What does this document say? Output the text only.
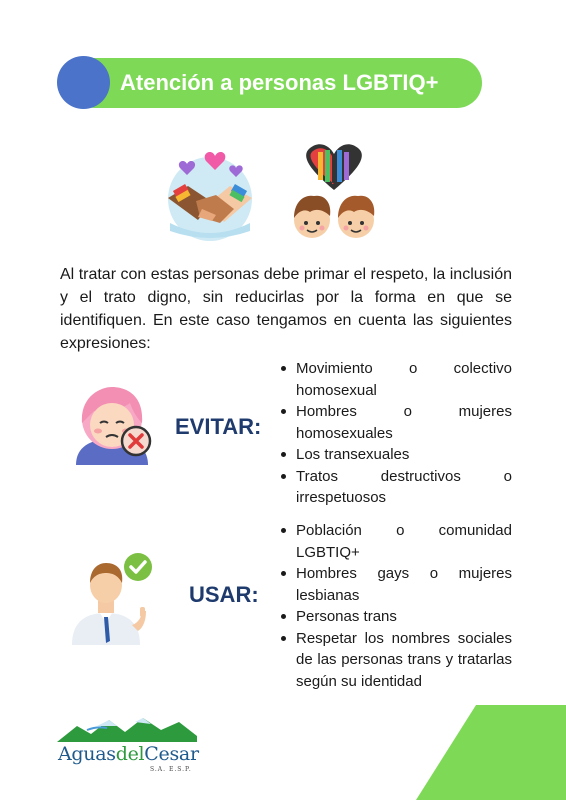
Atención a personas LGBTIQ+

Al tratar con estas personas debe primar el respeto, la inclusión y el trato digno, sin reducirlas por la forma en que se identifiquen. En este caso tengamos en cuenta las siguientes expresiones:

EVITAR:
Movimiento o colectivo homosexual
Hombres o mujeres homosexuales
Los transexuales
Tratos destructivos o irrespetuosos
USAR:
Población o comunidad LGBTIQ+
Hombres gays o mujeres lesbianas
Personas trans
Respetar los nombres sociales de las personas trans y tratarlas según su identidad
AguasdelCesar
S.A. E.S.P.
